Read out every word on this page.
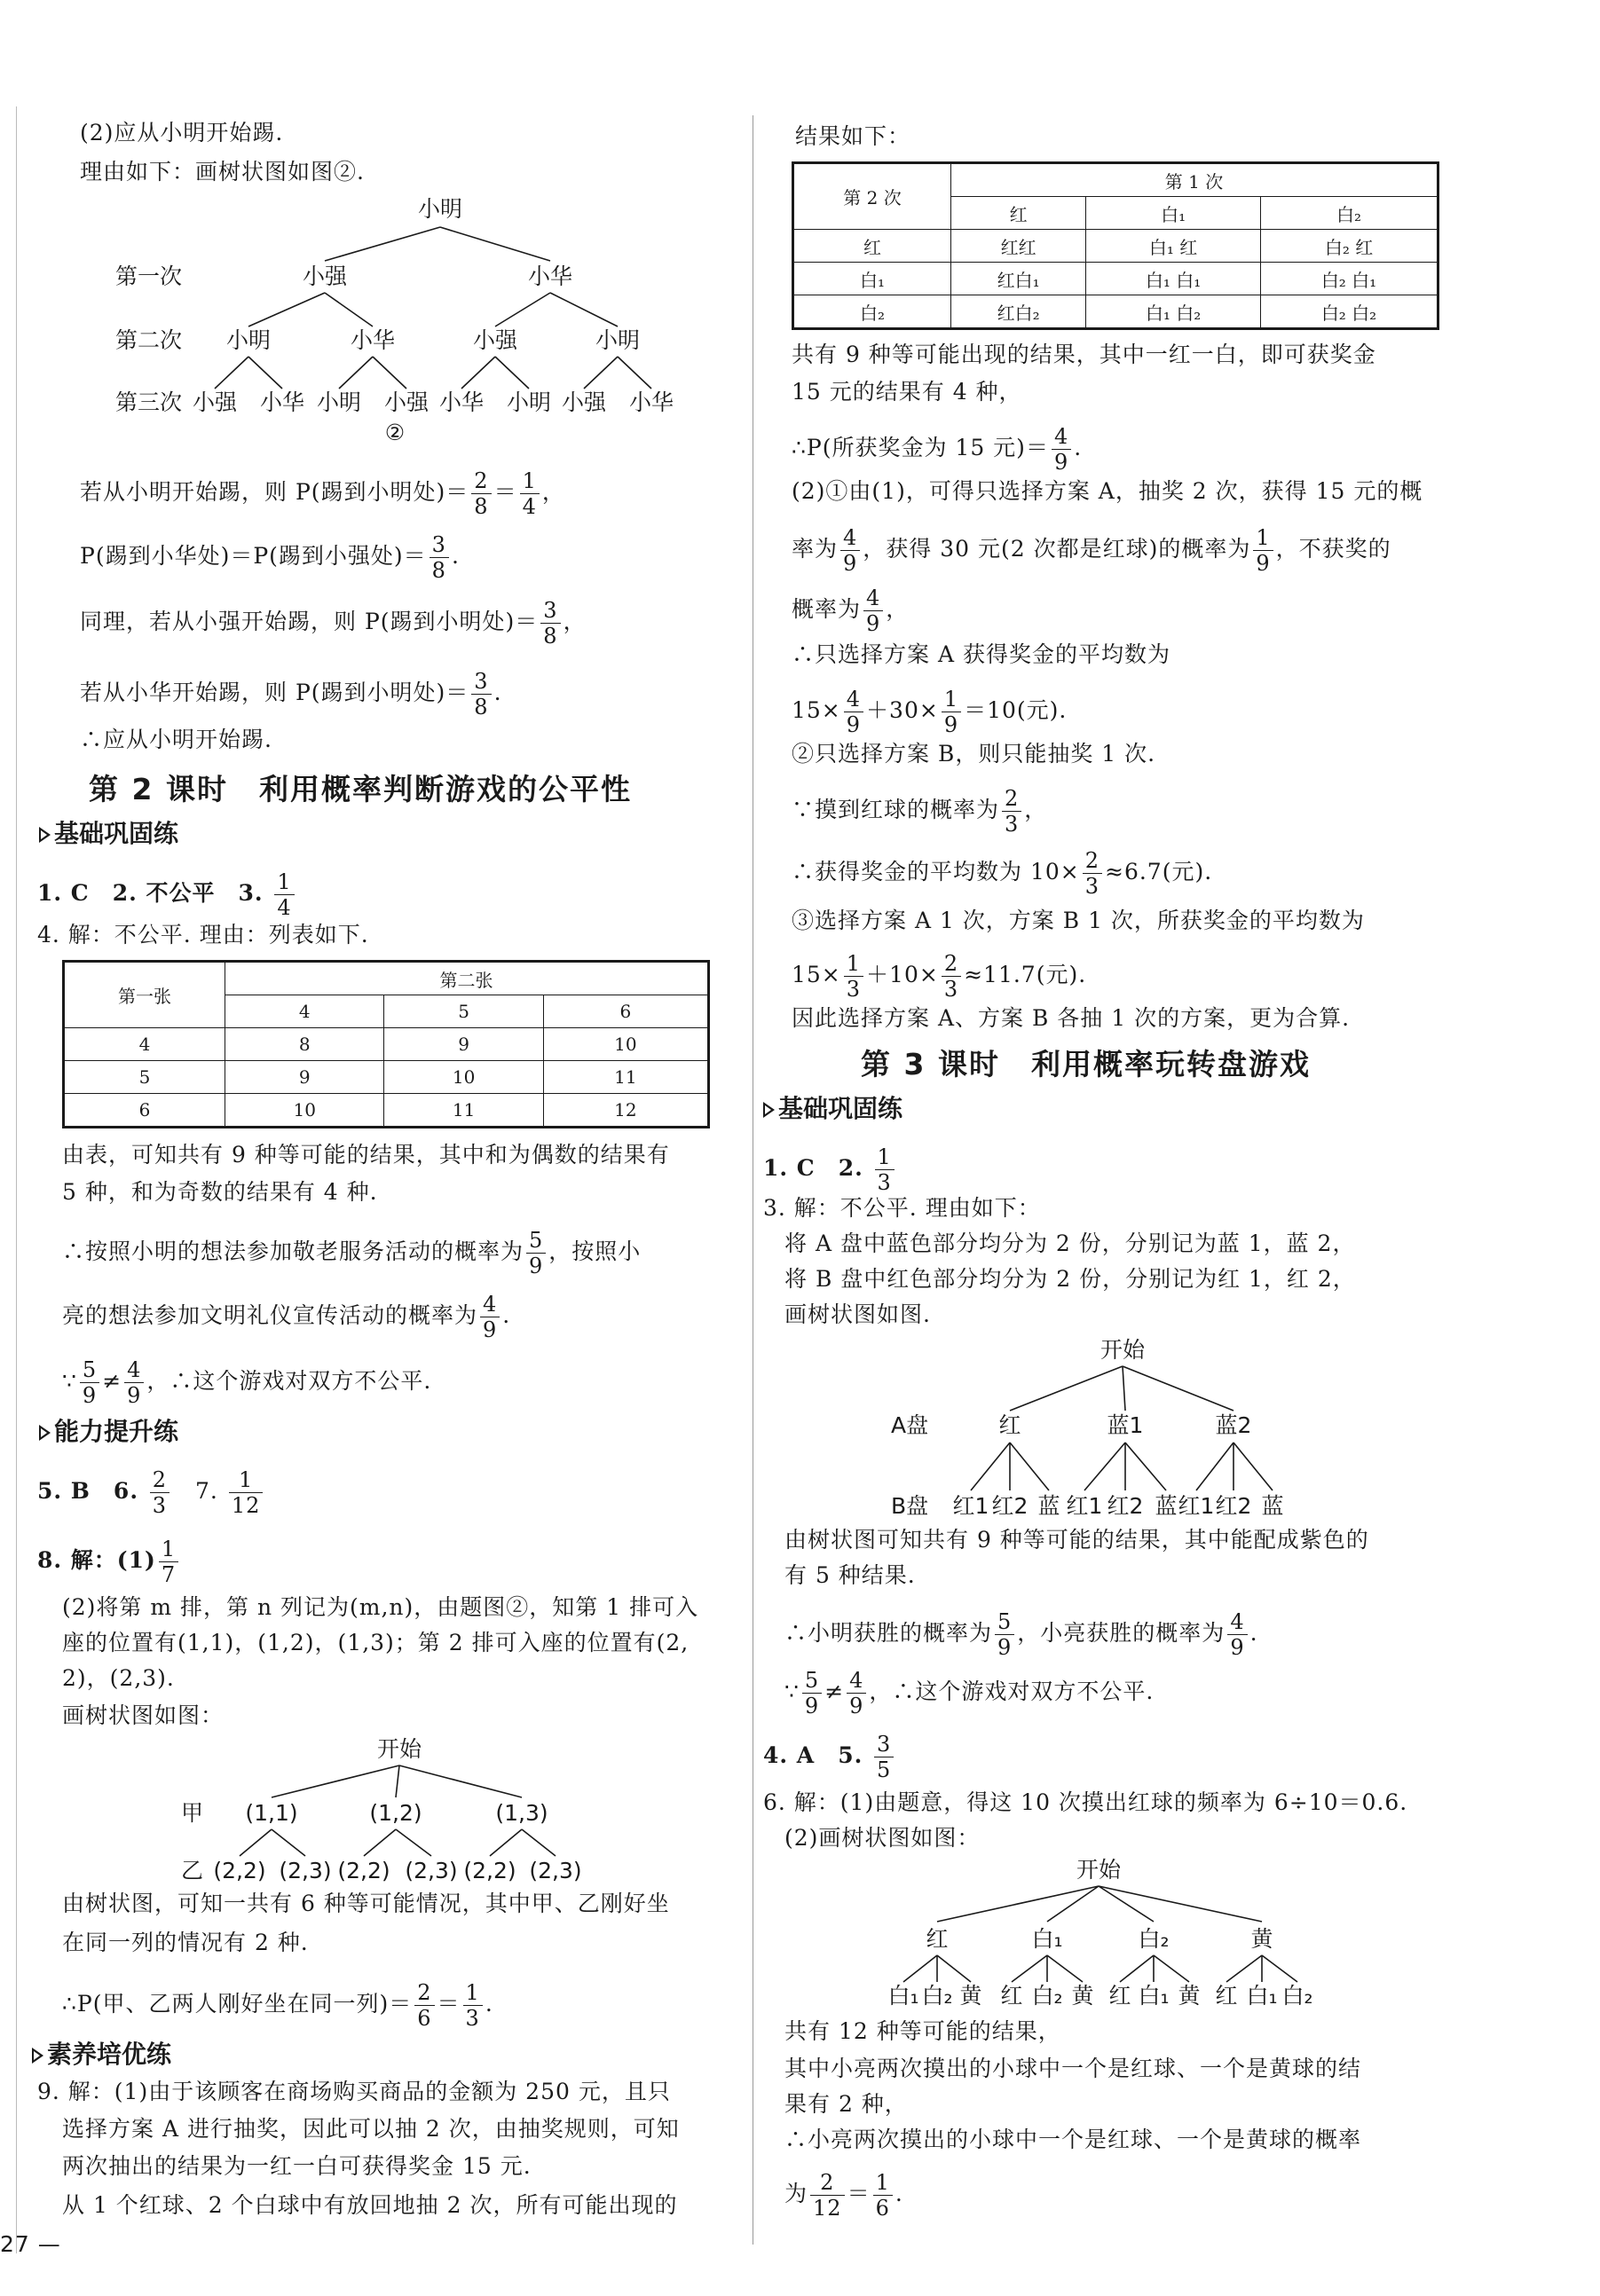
(2)应从小明开始踢.
理由如下：画树状图如图②.
小明
第一次	小强	小华
第二次 小明	小华	小强	小明
第三次 小强 小华 小明 小强 小华 小明 小强 小华
②
若从小明开始踢，则 P(踢到小明处)＝ $\frac{2}{8} = \frac{1}{4}$ ，
P(踢到小华处)＝P(踢到小强处)＝ $\frac{3}{8}$ .
同理，若从小强开始踢，则 P(踢到小明处)＝ $\frac{3}{8}$ ，
若从小华开始踢，则 P(踢到小明处)＝ $\frac{3}{8}$ .
∴应从小明开始踢.
第 2 课时　利用概率判断游戏的公平性
基础巩固练
1. C　2. 不公平　3. $\frac{1}{4}$
4. 解：不公平. 理由：列表如下.
第一张	第二张		
	4	5	6
4	8	9	10
5	9	10	11
6	10	11	12
由表，可知共有 9 种等可能的结果，其中和为偶数的结果有
5 种，和为奇数的结果有 4 种.
∴按照小明的想法参加敬老服务活动的概率为 $\frac{5}{9}$ ，按照小
亮的想法参加文明礼仪宣传活动的概率为 $\frac{4}{9}$ .
∵ $\frac{5}{9} \ne \frac{4}{9}$ ，∴这个游戏对双方不公平.
能力提升练
5. B　6. $\frac{2}{3}$ 　7. $\frac{1}{12}$
8. 解：$(1) \frac{1}{7}$
(2)将第 m 排，第 n 列记为(m,n)，由题图②，知第 1 排可入
座的位置有(1,1)，(1,2)，(1,3)；第 2 排可入座的位置有(2,
2)，(2,3).
画树状图如图：
开始
甲 (1,1)	(1,2)	(1,3)
乙 (2,2) (2,3) (2,2) (2,3) (2,2) (2,3)
由树状图，可知一共有 6 种等可能情况，其中甲、乙刚好坐
在同一列的情况有 2 种.
∴P(甲、乙两人刚好坐在同一列)＝ $\frac{2}{6} = \frac{1}{3}$ .
素养培优练
9. 解：(1)由于该顾客在商场购买商品的金额为 250 元，且只
选择方案 A 进行抽奖，因此可以抽 2 次，由抽奖规则，可知
两次抽出的结果为一红一白可获得奖金 15 元.
从 1 个红球、2 个白球中有放回地抽 2 次，所有可能出现的
27 —
结果如下：
第 2 次	第 1 次		
	红	白₁	白₂
红	红红	白₁ 红	白₂ 红
白₁	红白₁	白₁ 白₁	白₂ 白₁
白₂	红白₂	白₁ 白₂	白₂ 白₂
共有 9 种等可能出现的结果，其中一红一白，即可获奖金
15 元的结果有 4 种，
∴P(所获奖金为 15 元)＝ $\frac{4}{9}$ .
(2)①由(1)，可得只选择方案 A，抽奖 2 次，获得 15 元的概
率为 $\frac{4}{9}$ ，获得 30 元(2 次都是红球)的概率为 $\frac{1}{9}$ ，不获奖的
概率为 $\frac{4}{9}$ ，
∴只选择方案 A 获得奖金的平均数为
$15\times \frac{4}{9} +30\times \frac{1}{9} =10$(元).
②只选择方案 B，则只能抽奖 1 次.
∵摸到红球的概率为 $\frac{2}{3}$ ，
∴获得奖金的平均数为 $10\times \frac{2}{3} \approx 6.7$(元).
③选择方案 A 1 次，方案 B 1 次，所获奖金的平均数为
$15\times \frac{1}{3} +10\times \frac{2}{3} \approx 11.7$(元).
因此选择方案 A、方案 B 各抽 1 次的方案，更为合算.
第 3 课时　利用概率玩转盘游戏
基础巩固练
1. C　2. $\frac{1}{3}$
3. 解：不公平. 理由如下：
将 A 盘中蓝色部分均分为 2 份，分别记为蓝 1，蓝 2，
将 B 盘中红色部分均分为 2 份，分别记为红 1，红 2，
画树状图如图.
开始
A盘	红	蓝1	蓝2
B盘 红1 红2 蓝 红1 红2 蓝 红1 红2 蓝
由树状图可知共有 9 种等可能的结果，其中能配成紫色的
有 5 种结果.
∴小明获胜的概率为 $\frac{5}{9}$ ，小亮获胜的概率为 $\frac{4}{9}$ .
∵ $\frac{5}{9} \ne \frac{4}{9}$ ，∴这个游戏对双方不公平.
4. A　5. $\frac{3}{5}$
6. 解：(1)由题意，得这 10 次摸出红球的频率为 6÷10＝0.6.
(2)画树状图如图：
开始
红	白₁	白₂	黄
白₁ 白₂ 黄 红 白₂ 黄 红 白₁ 黄 红 白₁ 白₂
共有 12 种等可能的结果，
其中小亮两次摸出的小球中一个是红球、一个是黄球的结
果有 2 种，
∴小亮两次摸出的小球中一个是红球、一个是黄球的概率
为 $\frac{2}{12} = \frac{1}{6}$ .
